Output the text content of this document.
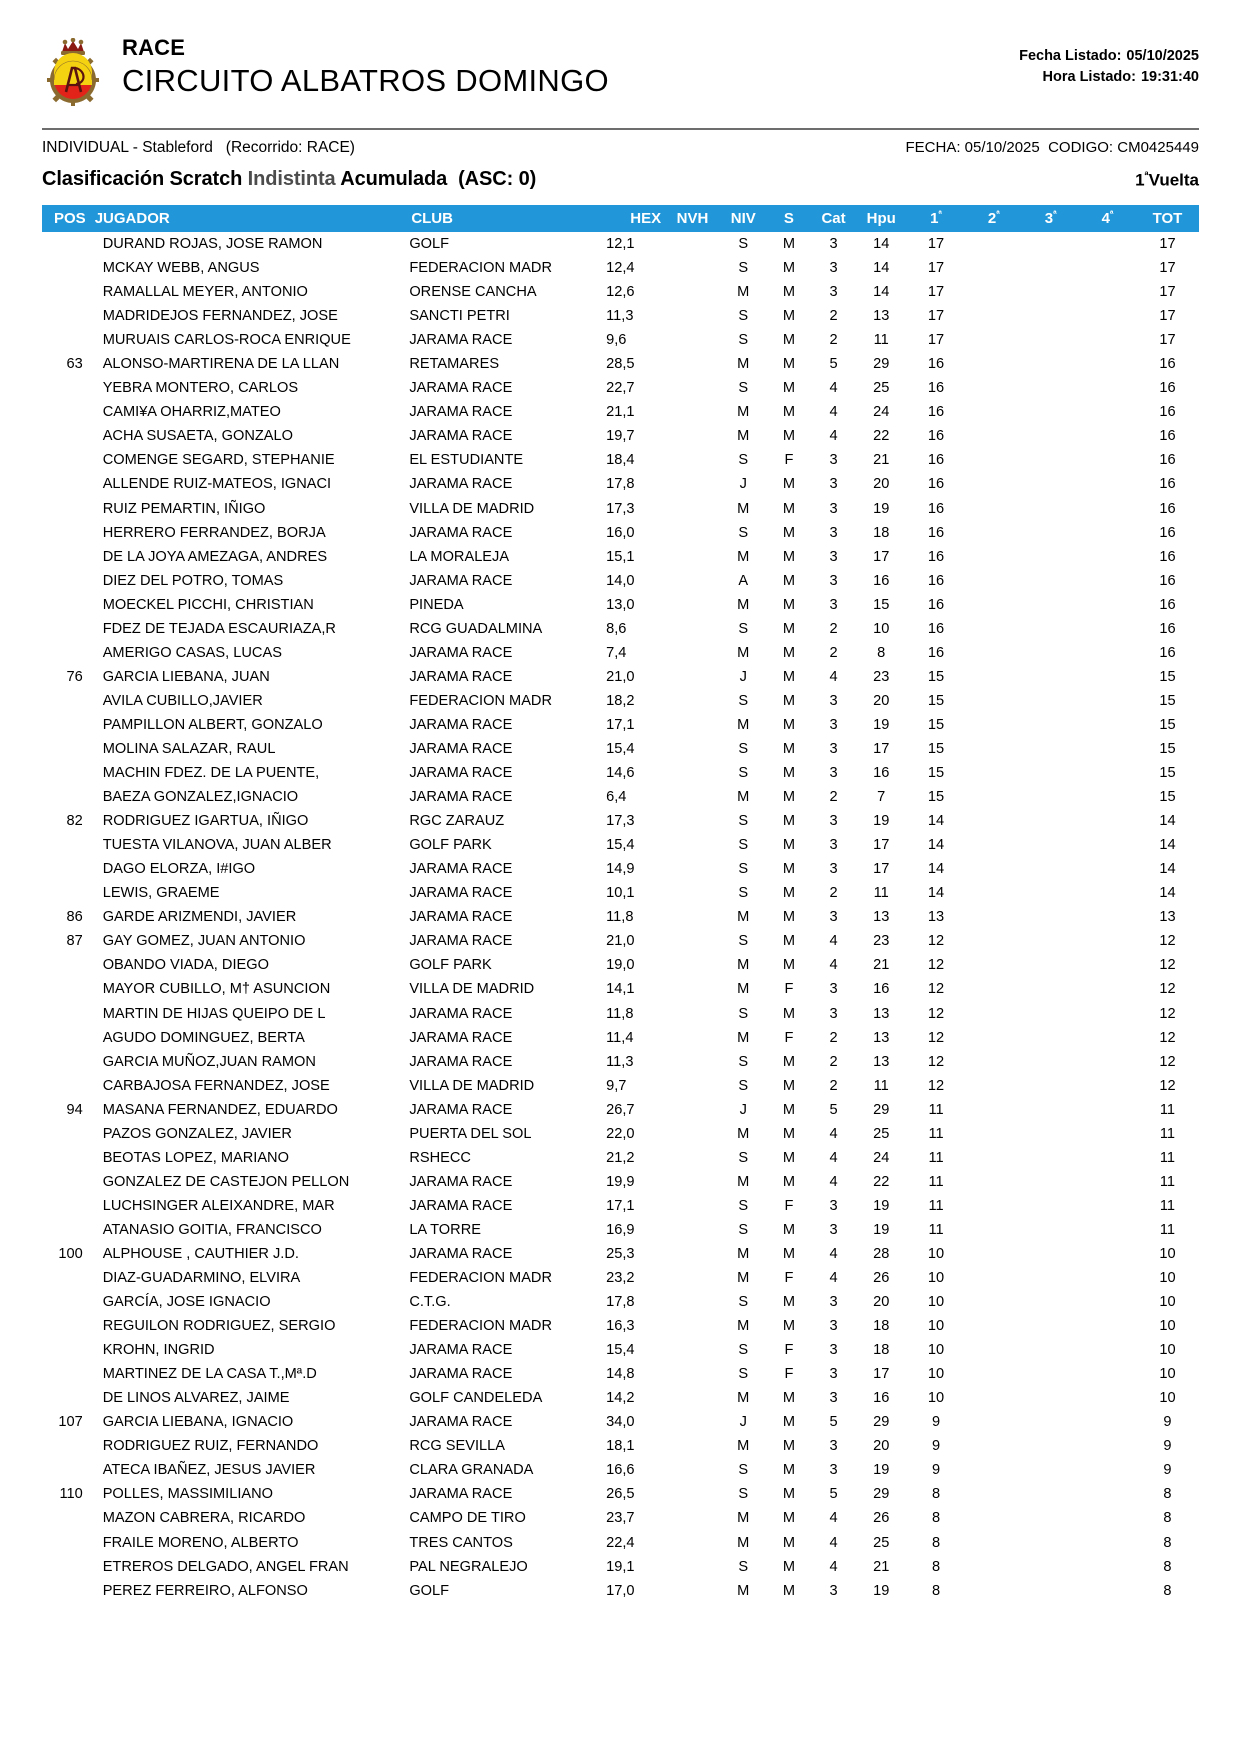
RACE
CIRCUITO ALBATROS DOMINGO
Fecha Listado: 05/10/2025
Hora Listado: 19:31:40
INDIVIDUAL - Stableford (Recorrido: RACE)	FECHA: 05/10/2025 CODIGO: CM0425449
Clasificación Scratch Indistinta Acumulada (ASC: 0)	$1^ªVuelta$
POS	JUGADOR	CLUB	HEX	NVH	NIV	S	Cat	Hpu	$1^ª$	$2^ª$	$3^ª$	$4^ª$	TOT
	DURAND ROJAS, JOSE RAMON	GOLF	12,1		S	M	3	14	17				17
	MCKAY WEBB, ANGUS	FEDERACION MADR	12,4		S	M	3	14	17				17
	RAMALLAL MEYER, ANTONIO	ORENSE CANCHA	12,6		M	M	3	14	17				17
	MADRIDEJOS FERNANDEZ, JOSE	SANCTI PETRI	11,3		S	M	2	13	17				17
	MURUAIS CARLOS-ROCA ENRIQUE	JARAMA RACE	9,6		S	M	2	11	17				17
63	ALONSO-MARTIRENA DE LA LLAN	RETAMARES	28,5		M	M	5	29	16				16
	YEBRA MONTERO, CARLOS	JARAMA RACE	22,7		S	M	4	25	16				16
	CAMI¥A OHARRIZ,MATEO	JARAMA RACE	21,1		M	M	4	24	16				16
	ACHA SUSAETA, GONZALO	JARAMA RACE	19,7		M	M	4	22	16				16
	COMENGE SEGARD, STEPHANIE	EL ESTUDIANTE	18,4		S	F	3	21	16				16
	ALLENDE RUIZ-MATEOS, IGNACI	JARAMA RACE	17,8		J	M	3	20	16				16
	RUIZ PEMARTIN, IÑIGO	VILLA DE MADRID	17,3		M	M	3	19	16				16
	HERRERO FERRANDEZ, BORJA	JARAMA RACE	16,0		S	M	3	18	16				16
	DE LA JOYA AMEZAGA, ANDRES	LA MORALEJA	15,1		M	M	3	17	16				16
	DIEZ DEL POTRO, TOMAS	JARAMA RACE	14,0		A	M	3	16	16				16
	MOECKEL PICCHI, CHRISTIAN	PINEDA	13,0		M	M	3	15	16				16
	FDEZ DE TEJADA ESCAURIAZA,R	RCG GUADALMINA	8,6		S	M	2	10	16				16
	AMERIGO CASAS, LUCAS	JARAMA RACE	7,4		M	M	2	8	16				16
76	GARCIA LIEBANA, JUAN	JARAMA RACE	21,0		J	M	4	23	15				15
	AVILA CUBILLO,JAVIER	FEDERACION MADR	18,2		S	M	3	20	15				15
	PAMPILLON ALBERT, GONZALO	JARAMA RACE	17,1		M	M	3	19	15				15
	MOLINA SALAZAR, RAUL	JARAMA RACE	15,4		S	M	3	17	15				15
	MACHIN FDEZ. DE LA PUENTE,	JARAMA RACE	14,6		S	M	3	16	15				15
	BAEZA GONZALEZ,IGNACIO	JARAMA RACE	6,4		M	M	2	7	15				15
82	RODRIGUEZ IGARTUA, IÑIGO	RGC ZARAUZ	17,3		S	M	3	19	14				14
	TUESTA VILANOVA, JUAN ALBER	GOLF PARK	15,4		S	M	3	17	14				14
	DAGO ELORZA, I#IGO	JARAMA RACE	14,9		S	M	3	17	14				14
	LEWIS, GRAEME	JARAMA RACE	10,1		S	M	2	11	14				14
86	GARDE ARIZMENDI, JAVIER	JARAMA RACE	11,8		M	M	3	13	13				13
87	GAY GOMEZ, JUAN ANTONIO	JARAMA RACE	21,0		S	M	4	23	12				12
	OBANDO VIADA, DIEGO	GOLF PARK	19,0		M	M	4	21	12				12
	MAYOR CUBILLO, M† ASUNCION	VILLA DE MADRID	14,1		M	F	3	16	12				12
	MARTIN DE HIJAS QUEIPO DE L	JARAMA RACE	11,8		S	M	3	13	12				12
	AGUDO DOMINGUEZ, BERTA	JARAMA RACE	11,4		M	F	2	13	12				12
	GARCIA MUÑOZ,JUAN RAMON	JARAMA RACE	11,3		S	M	2	13	12				12
	CARBAJOSA FERNANDEZ, JOSE	VILLA DE MADRID	9,7		S	M	2	11	12				12
94	MASANA FERNANDEZ, EDUARDO	JARAMA RACE	26,7		J	M	5	29	11				11
	PAZOS GONZALEZ, JAVIER	PUERTA DEL SOL	22,0		M	M	4	25	11				11
	BEOTAS LOPEZ, MARIANO	RSHECC	21,2		S	M	4	24	11				11
	GONZALEZ DE CASTEJON PELLON	JARAMA RACE	19,9		M	M	4	22	11				11
	LUCHSINGER ALEIXANDRE, MAR	JARAMA RACE	17,1		S	F	3	19	11				11
	ATANASIO GOITIA, FRANCISCO	LA TORRE	16,9		S	M	3	19	11				11
100	ALPHOUSE , CAUTHIER J.D.	JARAMA RACE	25,3		M	M	4	28	10				10
	DIAZ-GUADARMINO, ELVIRA	FEDERACION MADR	23,2		M	F	4	26	10				10
	GARCÍA, JOSE IGNACIO	C.T.G.	17,8		S	M	3	20	10				10
	REGUILON RODRIGUEZ, SERGIO	FEDERACION MADR	16,3		M	M	3	18	10				10
	KROHN, INGRID	JARAMA RACE	15,4		S	F	3	18	10				10
	MARTINEZ DE LA CASA T.,Mª.D	JARAMA RACE	14,8		S	F	3	17	10				10
	DE LINOS ALVAREZ, JAIME	GOLF CANDELEDA	14,2		M	M	3	16	10				10
107	GARCIA LIEBANA, IGNACIO	JARAMA RACE	34,0		J	M	5	29	9				9
	RODRIGUEZ RUIZ, FERNANDO	RCG SEVILLA	18,1		M	M	3	20	9				9
	ATECA IBAÑEZ, JESUS JAVIER	CLARA GRANADA	16,6		S	M	3	19	9				9
110	POLLES, MASSIMILIANO	JARAMA RACE	26,5		S	M	5	29	8				8
	MAZON CABRERA, RICARDO	CAMPO DE TIRO	23,7		M	M	4	26	8				8
	FRAILE MORENO, ALBERTO	TRES CANTOS	22,4		M	M	4	25	8				8
	ETREROS DELGADO, ANGEL FRAN	PAL NEGRALEJO	19,1		S	M	4	21	8				8
	PEREZ FERREIRO, ALFONSO	GOLF	17,0		M	M	3	19	8				8
